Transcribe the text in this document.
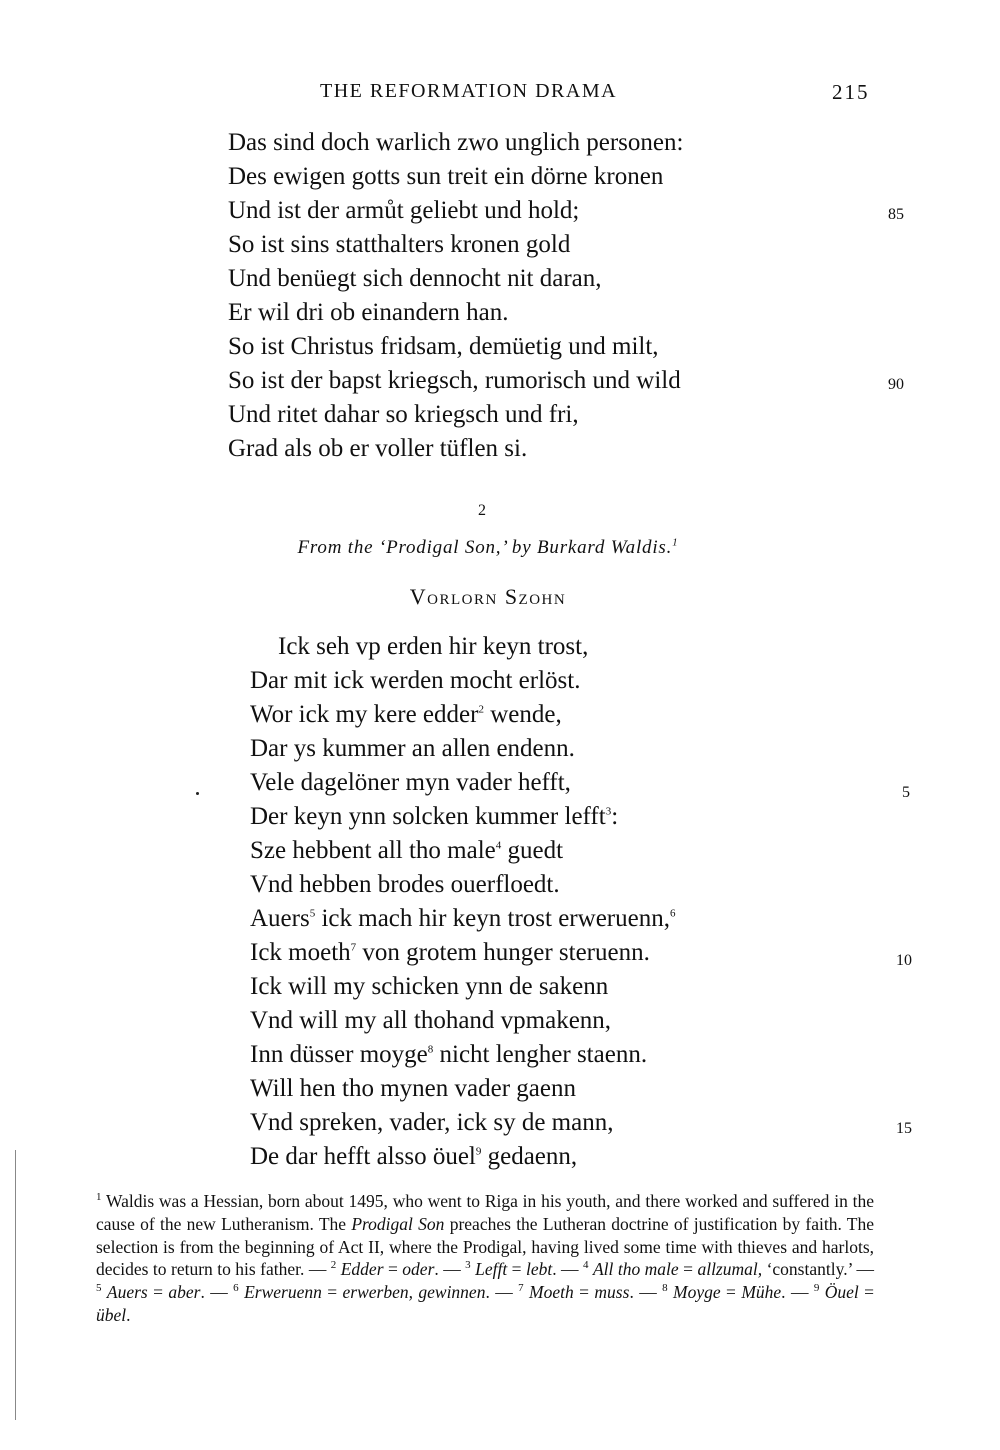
THE REFORMATION DRAMA	215
Das sind doch warlich zwo unglich personen:
Des ewigen gotts sun treit ein dörne kronen
Und ist der armůt geliebt und hold;
So ist sins statthalters kronen gold
Und benüegt sich dennocht nit daran,
Er wil dri ob einandern han.
So ist Christus fridsam, demüetig und milt,
So ist der bapst kriegsch, rumorisch und wild
Und ritet dahar so kriegsch und fri,
Grad als ob er voller tüflen si.
85
90
2
From the ‘Prodigal Son,’ by Burkard Waldis.$^1$
Vorlorn Szohn
Ick seh vp erden hir keyn trost,
Dar mit ick werden mocht erlöst.
Wor ick my kere edder$^2$ wende,
Dar ys kummer an allen endenn.
Vele dagelöner myn vader hefft,
Der keyn ynn solcken kummer lefft$^3$:
Sze hebbent all tho male$^4$ guedt
Vnd hebben brodes ouerfloedt.
Auers$^5$ ick mach hir keyn trost erweruenn,$^6$
Ick moeth$^7$ von grotem hunger steruenn.
Ick will my schicken ynn de sakenn
Vnd will my all thohand vpmakenn,
Inn düsser moyge$^8$ nicht lengher staenn.
Will hen tho mynen vader gaenn
Vnd spreken, vader, ick sy de mann,
De dar hefft alsso öuel$^9$ gedaenn,
5
10
15

$^1$ Waldis was a Hessian, born about 1495, who went to Riga in his youth, and there worked and suffered in the cause of the new Lutheranism. The Prodigal Son preaches the Lutheran doctrine of justification by faith. The selection is from the beginning of Act II, where the Prodigal, having lived some time with thieves and harlots, decides to return to his father. — $^2$ Edder = oder. — $^3$ Lefft = lebt. — $^4$ All tho male = allzumal, ‘constantly.’ — $^5$ Auers = aber. — $^6$ Erweruenn = erwerben, gewinnen. — $^7$ Moeth = muss. — $^8$ Moyge = Mühe. — $^9$ Öuel = übel.
